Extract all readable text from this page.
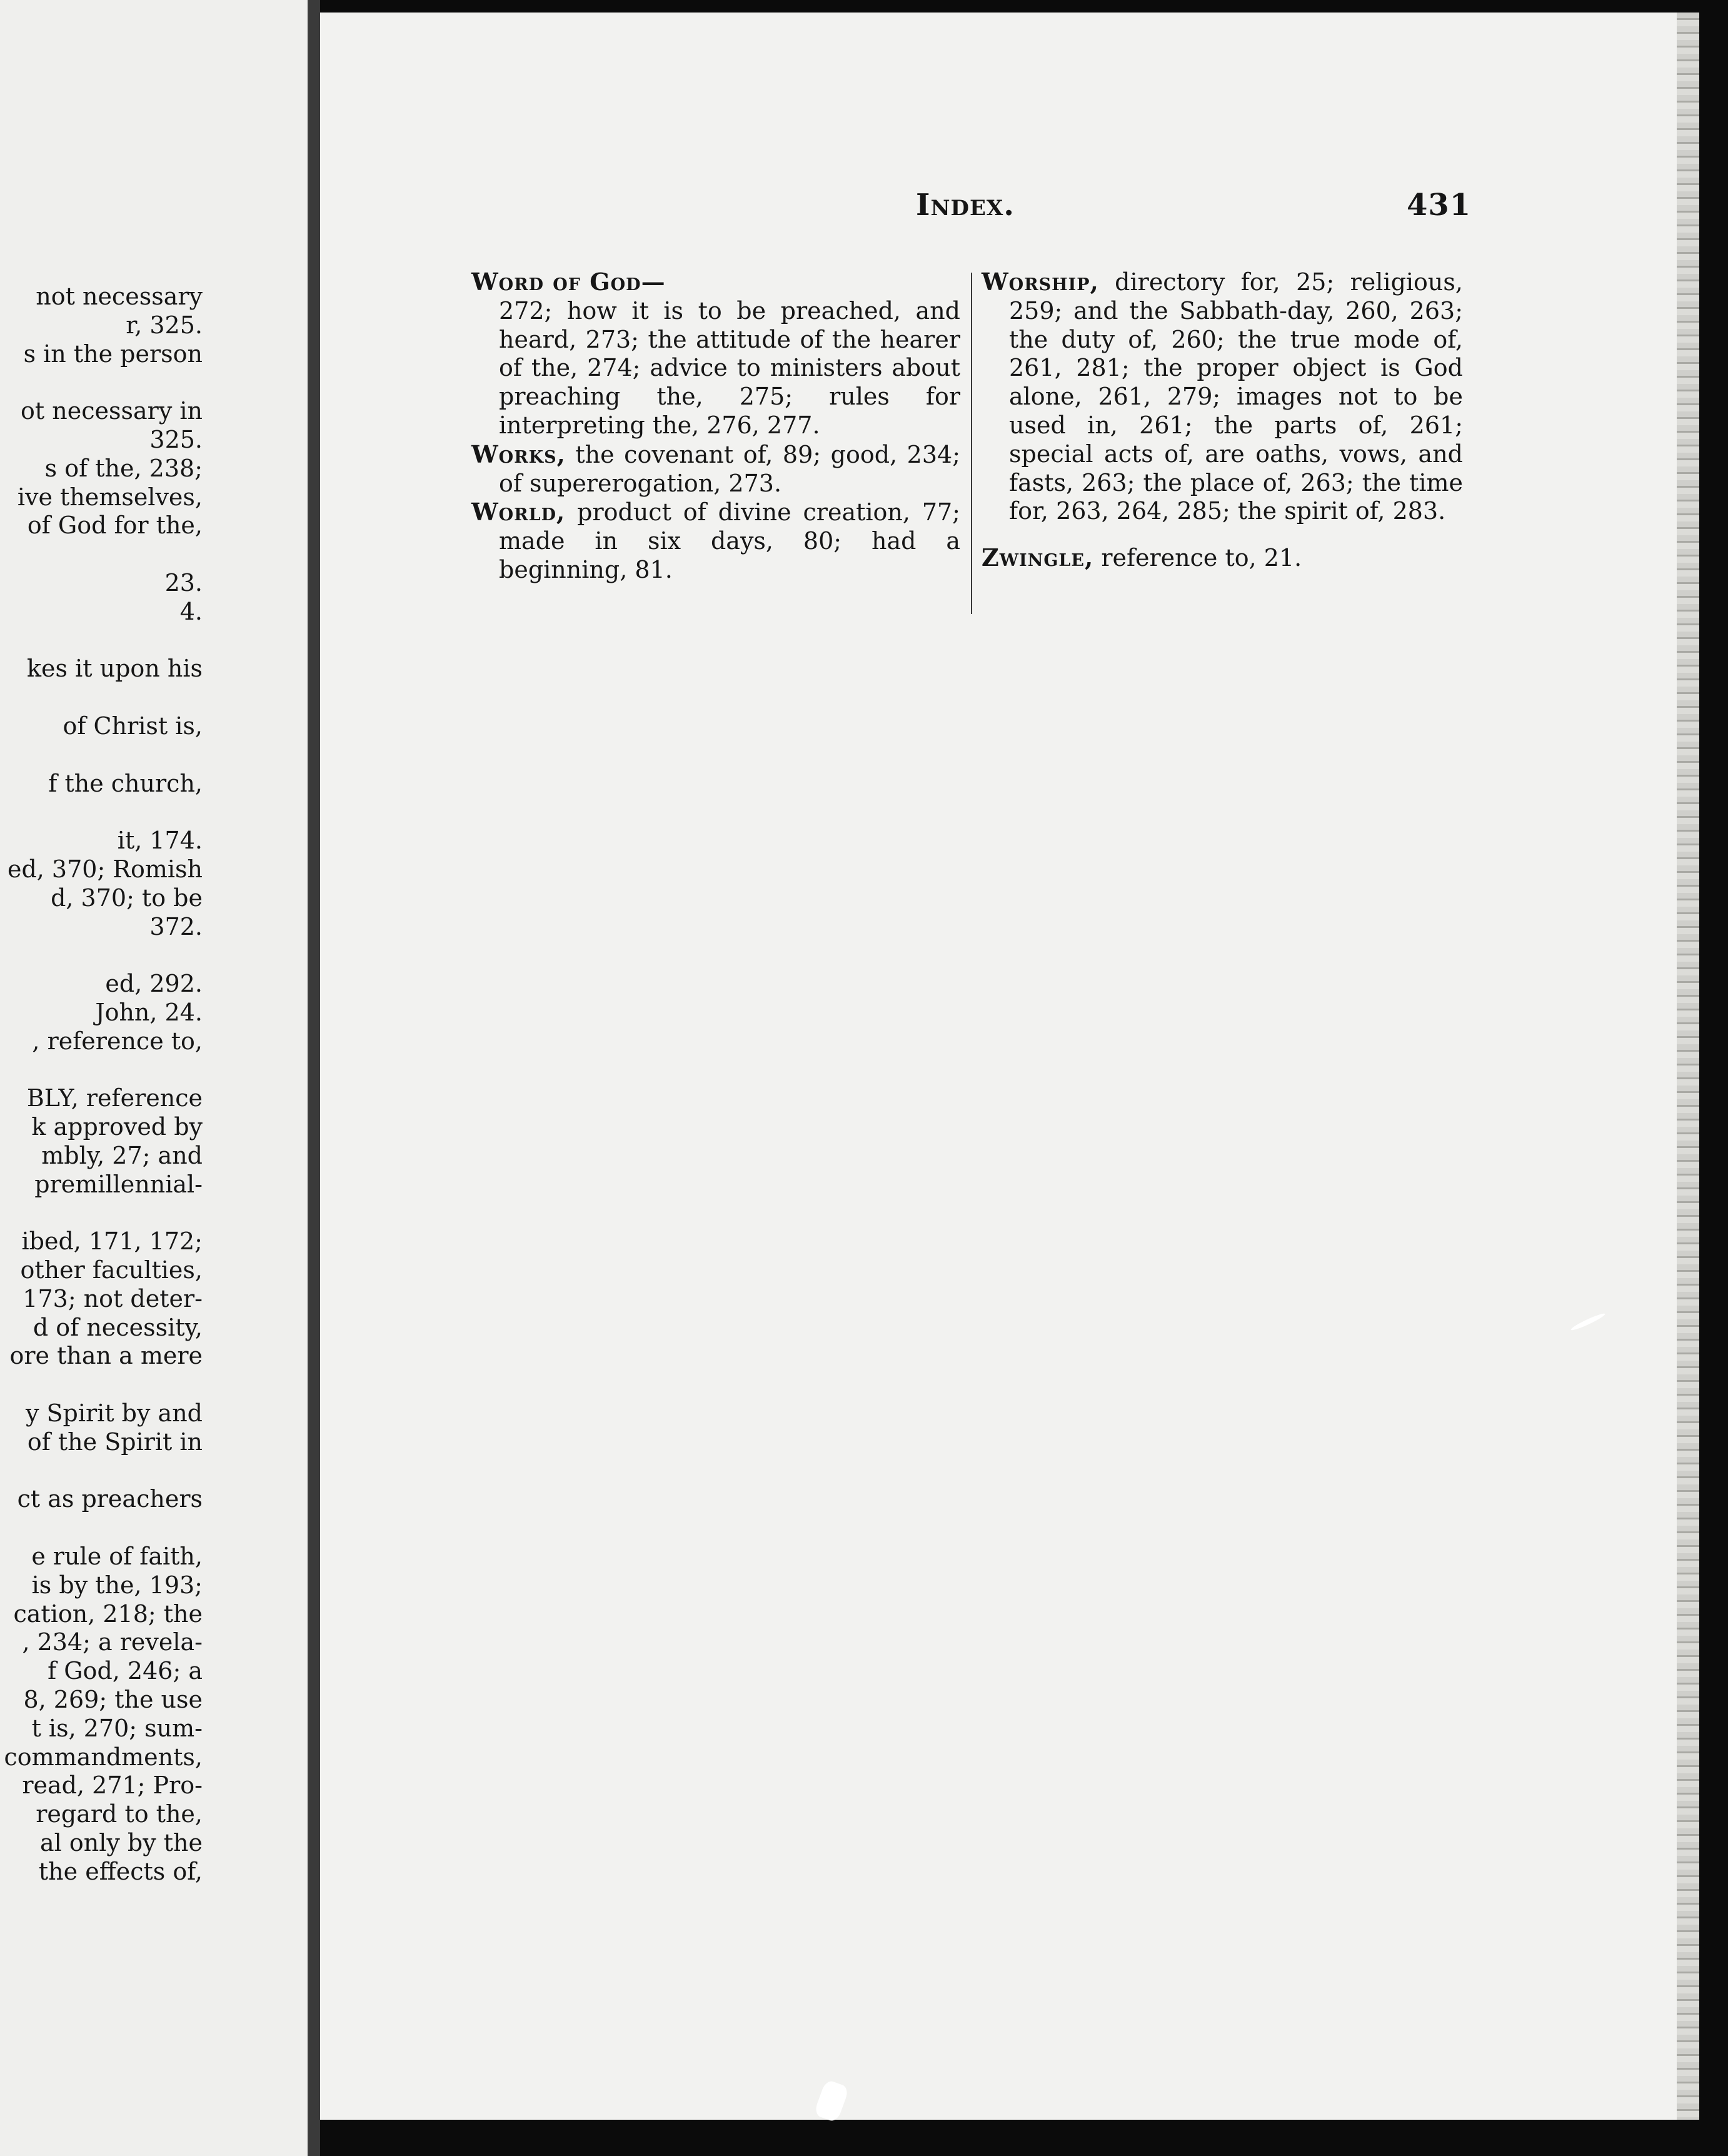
not necessary
r, 325.
s in the person

ot necessary in
325.
s of the, 238;
ive themselves,
of God for the,

23.
4.

kes it upon his

of Christ is,

f the church,

it, 174.
ed, 370; Romish
d, 370; to be
372.

ed, 292.
John, 24.
, reference to,

BLY, reference
k approved by
mbly, 27; and
premillennial-

ibed, 171, 172;
other faculties,
173; not deter-
d of necessity,
ore than a mere

y Spirit by and
of the Spirit in

ct as preachers

e rule of faith,
is by the, 193;
cation, 218; the
, 234; a revela-
f God, 246; a
8, 269; the use
t is, 270; sum-
commandments,
read, 271; Pro-
regard to the,
al only by the
the effects of,
Index.	431

Word of God—
272; how it is to be preached, and heard, 273; the attitude of the hearer of the, 274; advice to ministers about preaching the, 275; rules for interpreting the, 276, 277.

Works, the covenant of, 89; good, 234; of supererogation, 273.

World, product of divine creation, 77; made in six days, 80; had a beginning, 81.

Worship, directory for, 25; religious, 259; and the Sabbath-day, 260, 263; the duty of, 260; the true mode of, 261, 281; the proper object is God alone, 261, 279; images not to be used in, 261; the parts of, 261; special acts of, are oaths, vows, and fasts, 263; the place of, 263; the time for, 263, 264, 285; the spirit of, 283.

Zwingle, reference to, 21.
